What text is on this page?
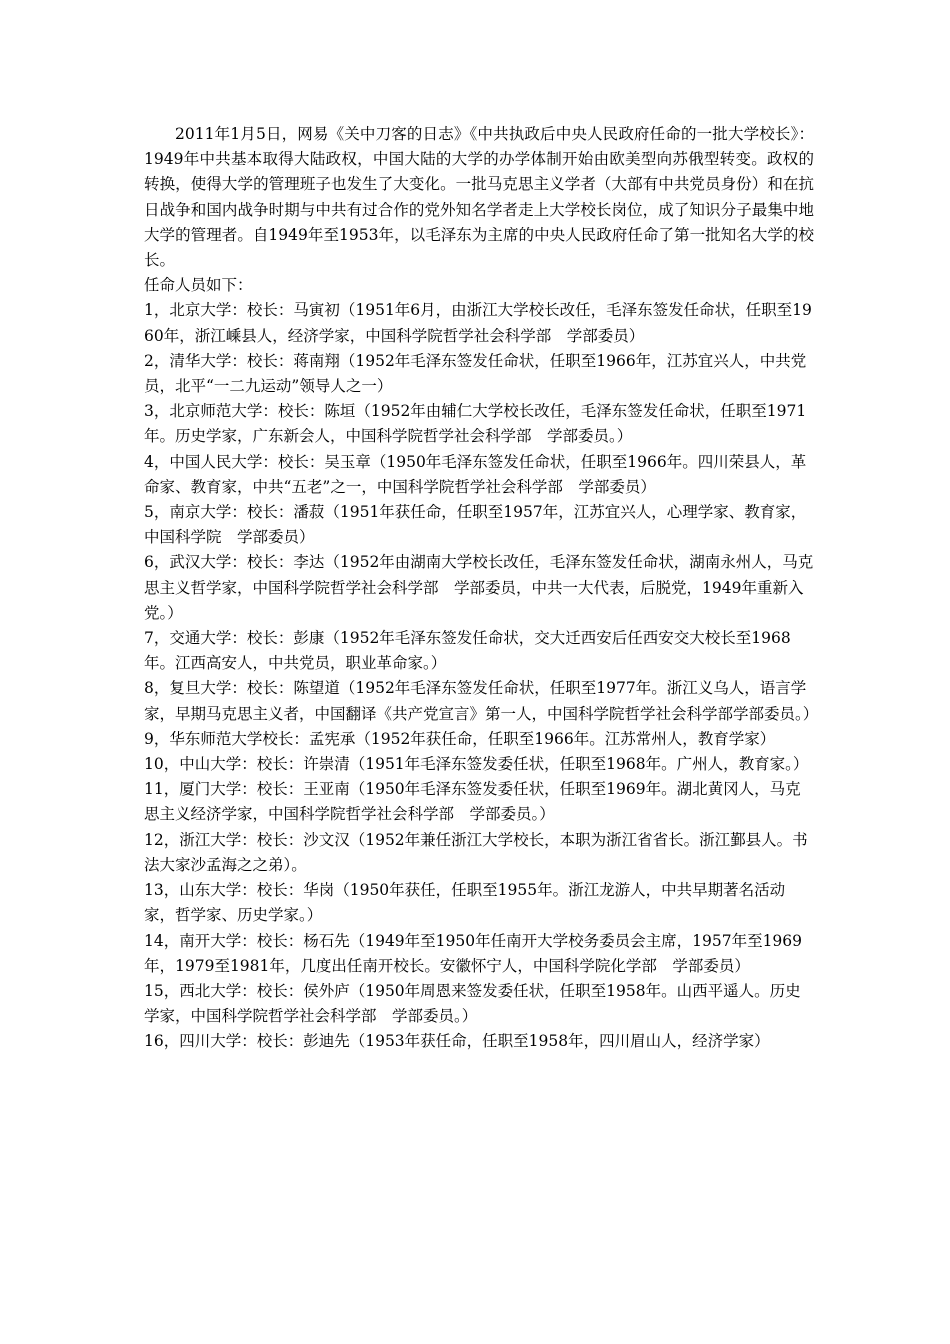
2011年1月5日，网易《关中刀客的日志》《中共执政后中央人民政府任命的一批大学校长》：1949年中共基本取得大陆政权，中国大陆的大学的办学体制开始由欧美型向苏俄型转变。政权的转换，使得大学的管理班子也发生了大变化。一批马克思主义学者（大部有中共党员身份）和在抗日战争和国内战争时期与中共有过合作的党外知名学者走上大学校长岗位，成了知识分子最集中地大学的管理者。自1949年至1953年，以毛泽东为主席的中央人民政府任命了第一批知名大学的校长。

任命人员如下：

1，北京大学：校长：马寅初（1951年6月，由浙江大学校长改任，毛泽东签发任命状，任职至1960年，浙江嵊县人，经济学家，中国科学院哲学社会科学部　学部委员）
2，清华大学：校长：蒋南翔（1952年毛泽东签发任命状，任职至1966年，江苏宜兴人，中共党员，北平“一二九运动”领导人之一）
3，北京师范大学：校长：陈垣（1952年由辅仁大学校长改任，毛泽东签发任命状，任职至1971年。历史学家，广东新会人，中国科学院哲学社会科学部　学部委员。）
4，中国人民大学：校长：吴玉章（1950年毛泽东签发任命状，任职至1966年。四川荣县人，革命家、教育家，中共“五老”之一，中国科学院哲学社会科学部　学部委员）
5，南京大学：校长：潘菽（1951年获任命，任职至1957年，江苏宜兴人，心理学家、教育家，中国科学院　学部委员）
6，武汉大学：校长：李达（1952年由湖南大学校长改任，毛泽东签发任命状，湖南永州人，马克思主义哲学家，中国科学院哲学社会科学部　学部委员，中共一大代表，后脱党，1949年重新入党。）
7，交通大学：校长：彭康（1952年毛泽东签发任命状，交大迁西安后任西安交大校长至1968年。江西高安人，中共党员，职业革命家。）
8，复旦大学：校长：陈望道（1952年毛泽东签发任命状，任职至1977年。浙江义乌人，语言学家，早期马克思主义者，中国翻译《共产党宣言》第一人，中国科学院哲学社会科学部学部委员。）
9，华东师范大学校长：孟宪承（1952年获任命，任职至1966年。江苏常州人，教育学家）
10，中山大学：校长：许崇清（1951年毛泽东签发委任状，任职至1968年。广州人，教育家。）
11，厦门大学：校长：王亚南（1950年毛泽东签发委任状，任职至1969年。湖北黄冈人，马克思主义经济学家，中国科学院哲学社会科学部　学部委员。）
12，浙江大学：校长：沙文汉（1952年兼任浙江大学校长，本职为浙江省省长。浙江鄞县人。书法大家沙孟海之之弟）。
13，山东大学：校长：华岗（1950年获任，任职至1955年。浙江龙游人，中共早期著名活动家，哲学家、历史学家。）
14，南开大学：校长：杨石先（1949年至1950年任南开大学校务委员会主席，1957年至1969年，1979至1981年，几度出任南开校长。安徽怀宁人，中国科学院化学部　学部委员）
15，西北大学：校长：侯外庐（1950年周恩来签发委任状，任职至1958年。山西平遥人。历史学家，中国科学院哲学社会科学部　学部委员。）
16，四川大学：校长：彭迪先（1953年获任命，任职至1958年，四川眉山人，经济学家）
